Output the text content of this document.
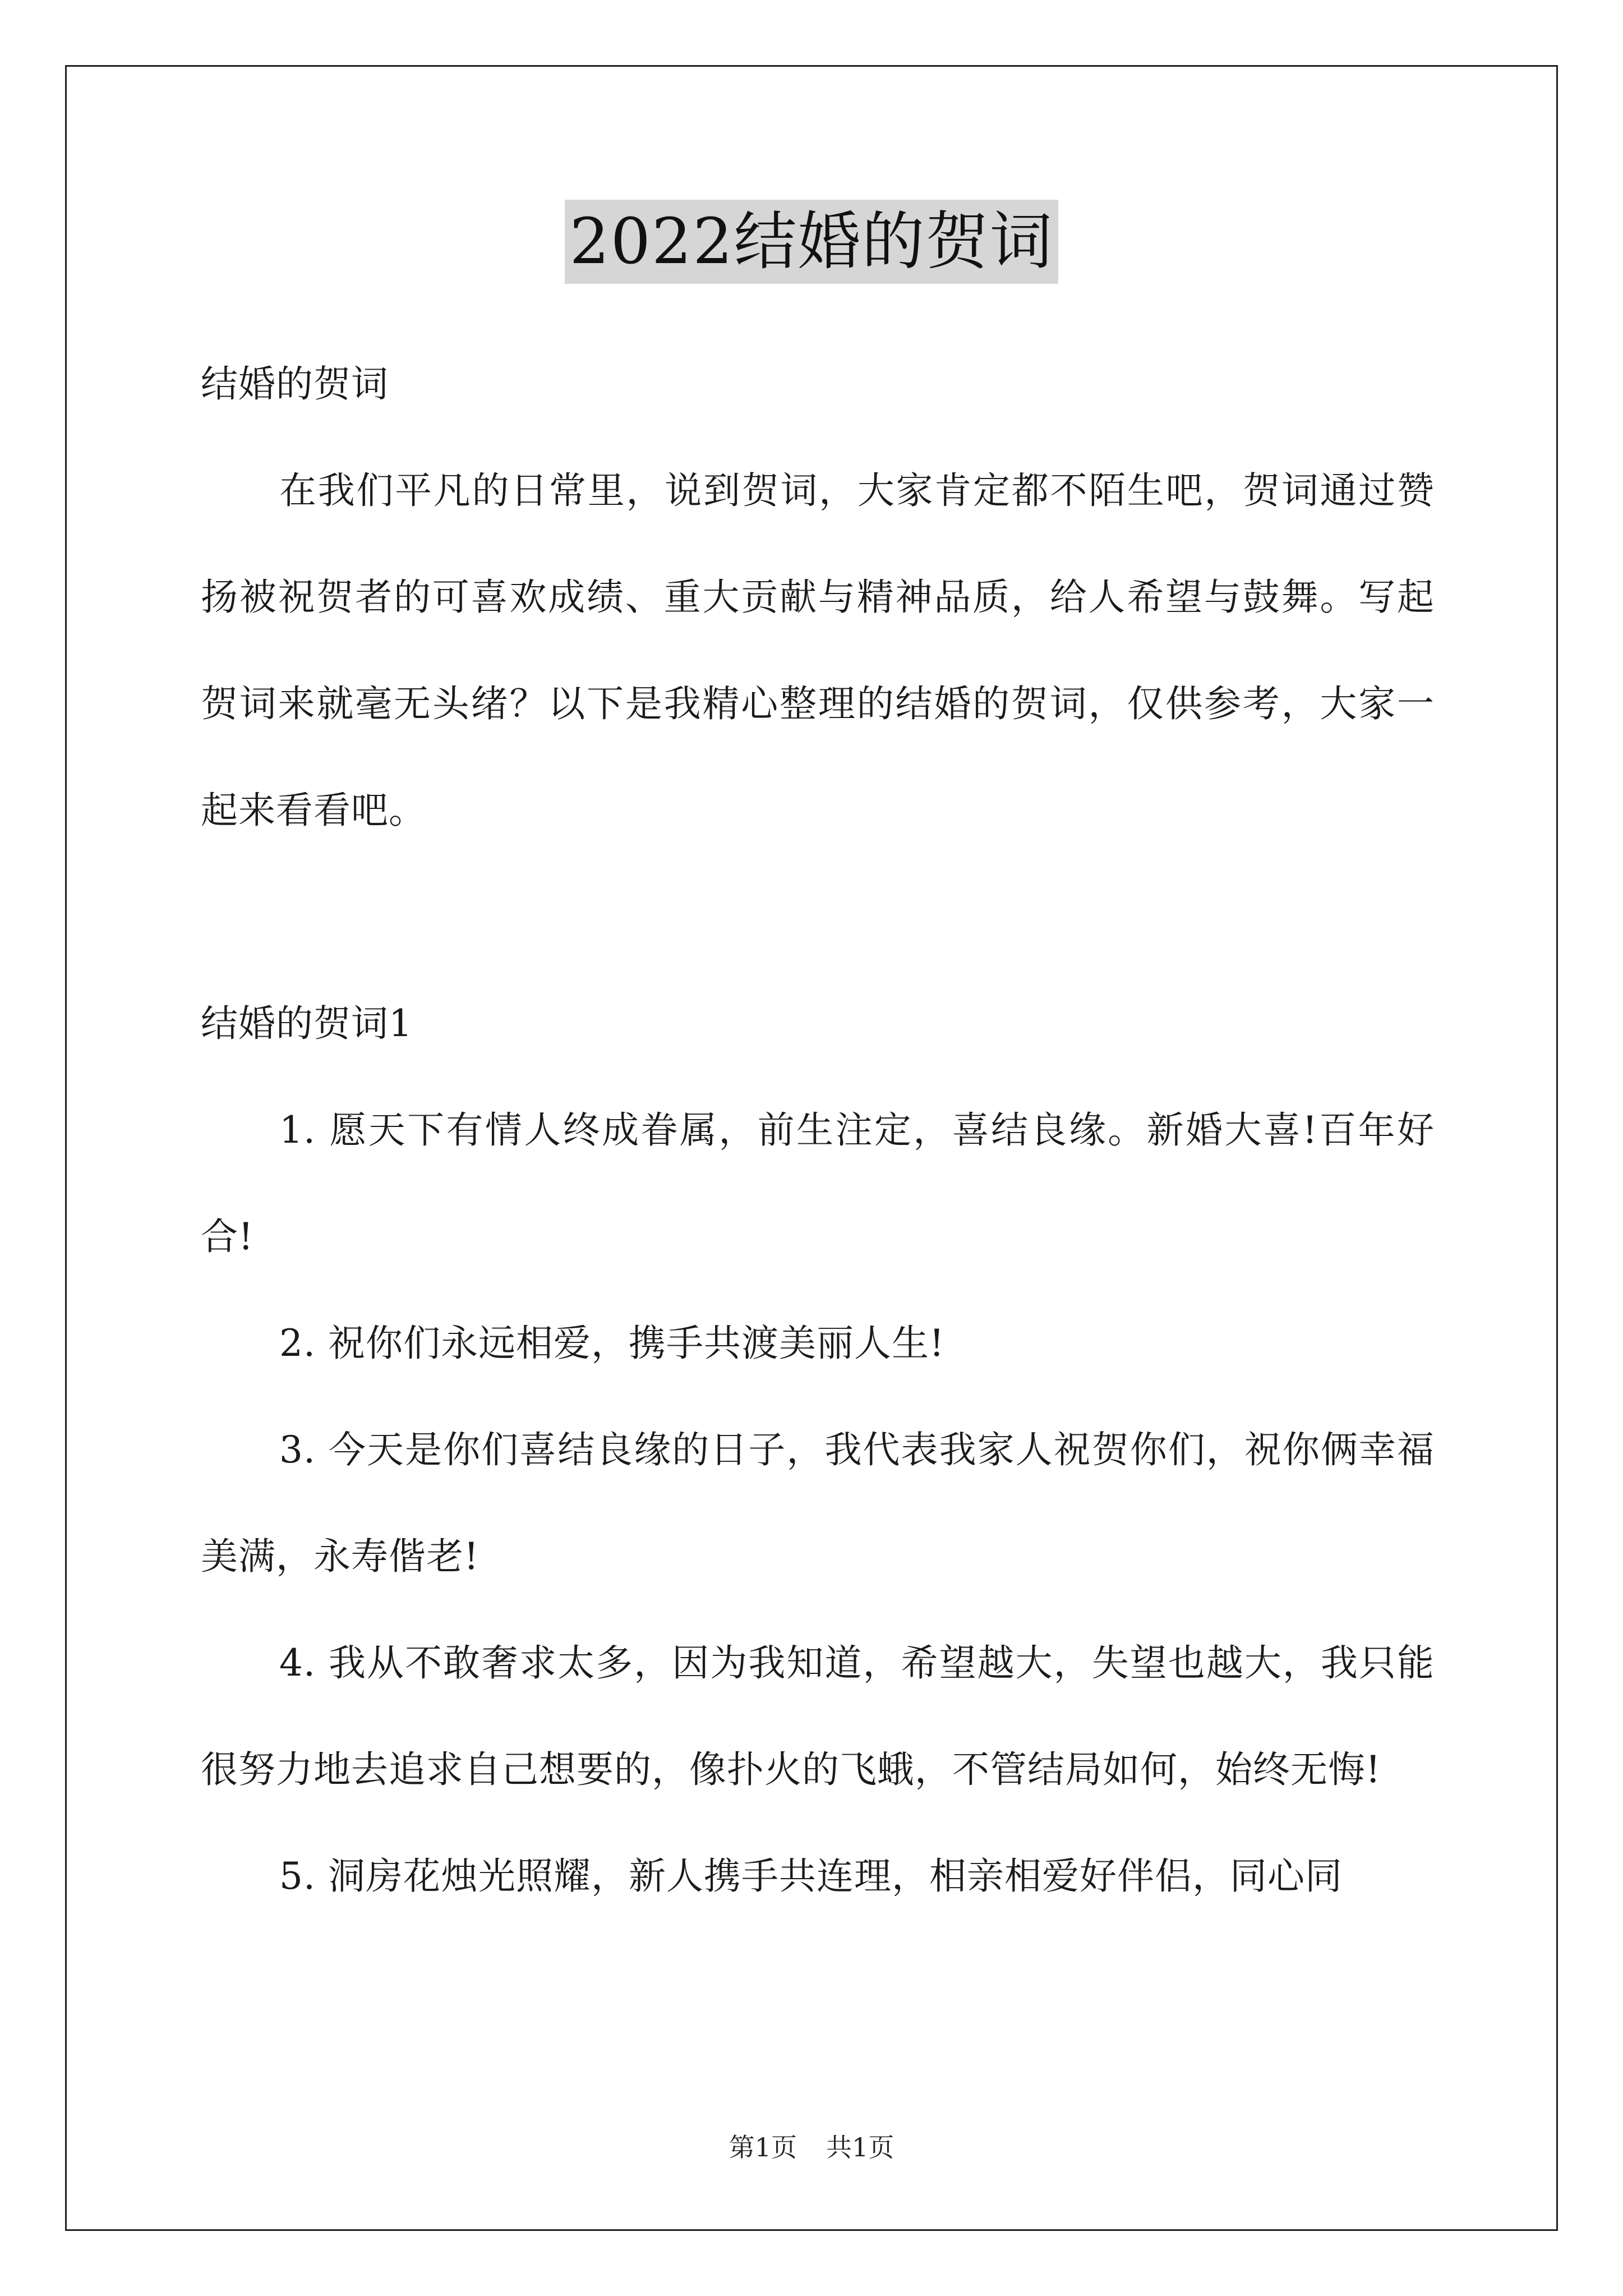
2022结婚的贺词

结婚的贺词

在我们平凡的日常里，说到贺词，大家肯定都不陌生吧，贺词通过赞扬被祝贺者的可喜欢成绩、重大贡献与精神品质，给人希望与鼓舞。写起贺词来就毫无头绪？以下是我精心整理的结婚的贺词，仅供参考，大家一起来看看吧。

结婚的贺词1

1. 愿天下有情人终成眷属，前生注定，喜结良缘。新婚大喜!百年好合!

2. 祝你们永远相爱，携手共渡美丽人生!

3. 今天是你们喜结良缘的日子，我代表我家人祝贺你们，祝你俩幸福美满，永寿偕老!

4. 我从不敢奢求太多，因为我知道，希望越大，失望也越大，我只能很努力地去追求自己想要的，像扑火的飞蛾，不管结局如何，始终无悔!

5. 洞房花烛光照耀，新人携手共连理，相亲相爱好伴侣，同心同

第1页 共1页
